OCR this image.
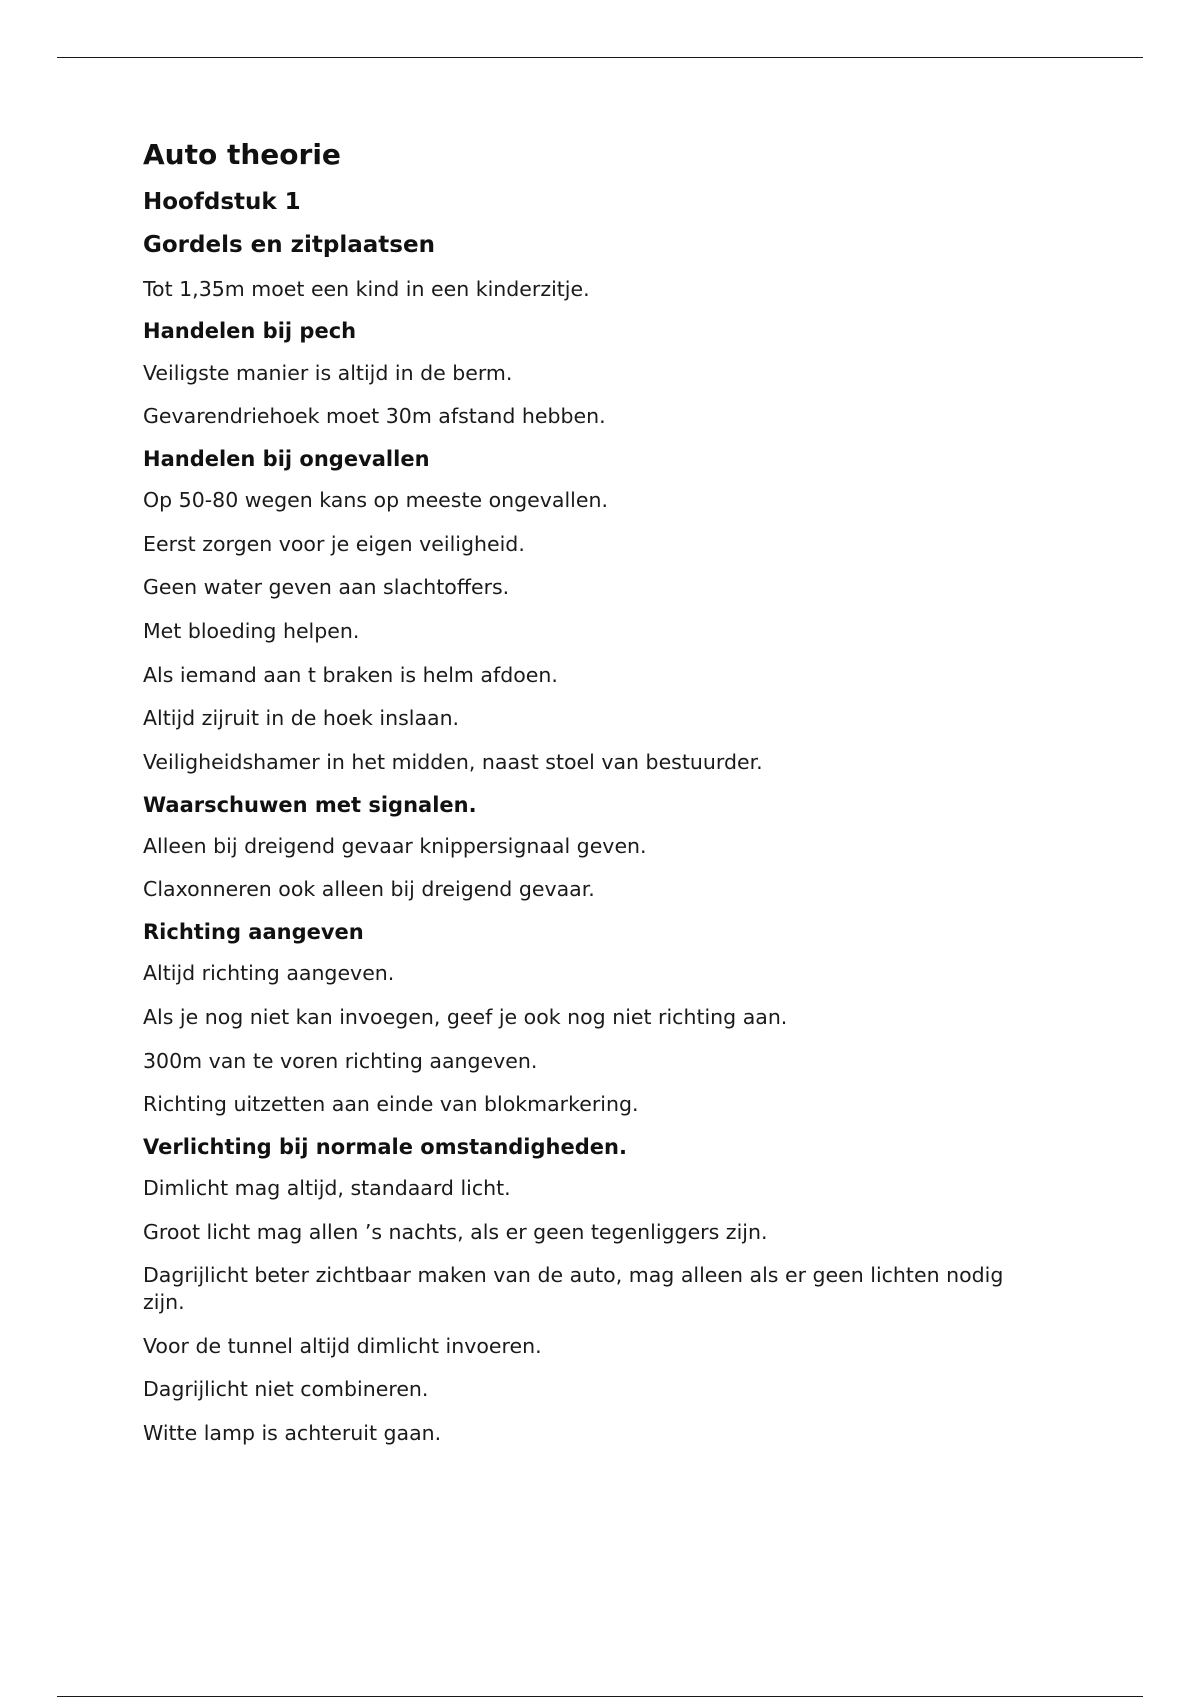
Auto theorie
Hoofdstuk 1
Gordels en zitplaatsen
Tot 1,35m moet een kind in een kinderzitje.
Handelen bij pech
Veiligste manier is altijd in de berm.
Gevarendriehoek moet 30m afstand hebben.
Handelen bij ongevallen
Op 50-80 wegen kans op meeste ongevallen.
Eerst zorgen voor je eigen veiligheid.
Geen water geven aan slachtoffers.
Met bloeding helpen.
Als iemand aan t braken is helm afdoen.
Altijd zijruit in de hoek inslaan.
Veiligheidshamer in het midden, naast stoel van bestuurder.
Waarschuwen met signalen.
Alleen bij dreigend gevaar knippersignaal geven.
Claxonneren ook alleen bij dreigend gevaar.
Richting aangeven
Altijd richting aangeven.
Als je nog niet kan invoegen, geef je ook nog niet richting aan.
300m van te voren richting aangeven.
Richting uitzetten aan einde van blokmarkering.
Verlichting bij normale omstandigheden.
Dimlicht mag altijd, standaard licht.
Groot licht mag allen ’s nachts, als er geen tegenliggers zijn.
Dagrijlicht beter zichtbaar maken van de auto, mag alleen als er geen lichten nodig zijn.
Voor de tunnel altijd dimlicht invoeren.
Dagrijlicht niet combineren.
Witte lamp is achteruit gaan.
